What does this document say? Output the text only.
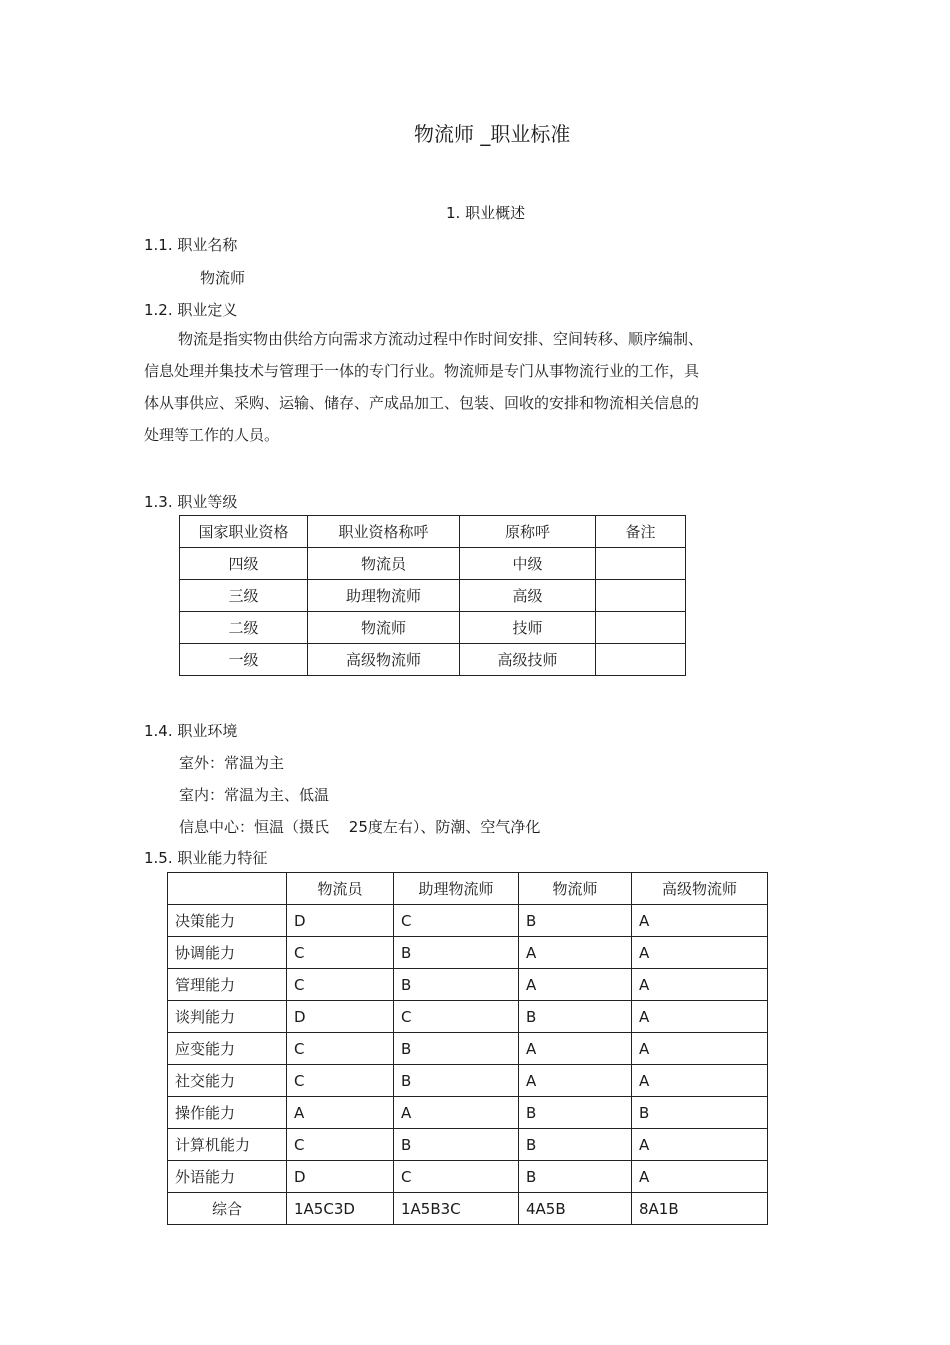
物流师 _职业标准
1. 职业概述
1.1. 职业名称
物流师
1.2. 职业定义
物流是指实物由供给方向需求方流动过程中作时间安排、空间转移、顺序编制、
信息处理并集技术与管理于一体的专门行业。物流师是专门从事物流行业的工作，具
体从事供应、采购、运输、储存、产成品加工、包装、回收的安排和物流相关信息的
处理等工作的人员。
1.3. 职业等级
国家职业资格	职业资格称呼	原称呼	备注
四级	物流员	中级	
三级	助理物流师	高级	
二级	物流师	技师	
一级	高级物流师	高级技师	
1.4. 职业环境
室外：常温为主
室内：常温为主、低温
信息中心：恒温（摄氏　 25度左右）、防潮、空气净化
1.5. 职业能力特征
	物流员	助理物流师	物流师	高级物流师
决策能力	D	C	B	A
协调能力	C	B	A	A
管理能力	C	B	A	A
谈判能力	D	C	B	A
应变能力	C	B	A	A
社交能力	C	B	A	A
操作能力	A	A	B	B
计算机能力	C	B	B	A
外语能力	D	C	B	A
综合	1A5C3D	1A5B3C	4A5B	8A1B
